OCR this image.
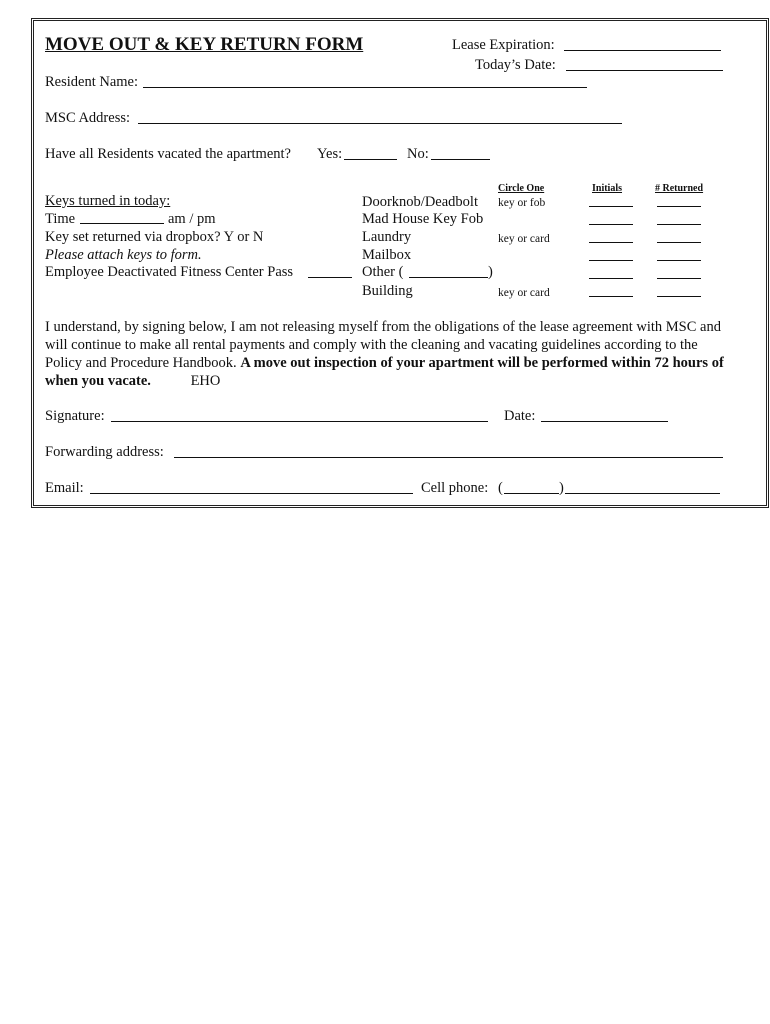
MOVE OUT & KEY RETURN FORM	Lease Expiration:
Today’s Date:
Resident Name:
MSC Address:
Have all Residents vacated the apartment? Yes:	No:
Keys turned in today:
Time	am / pm
Key set returned via dropbox? Y or N
Please attach keys to form.
Employee Deactivated Fitness Center Pass
Circle One	Initials	# Returned
Doorknob/Deadbolt key or fob
Mad House Key Fob
Laundry	key or card
Mailbox
Other (	)
Building	key or card
I understand, by signing below, I am not releasing myself from the obligations of the lease agreement with MSC and will continue to make all rental payments and comply with the cleaning and vacating guidelines according to the Policy and Procedure Handbook. A move out inspection of your apartment will be performed within 72 hours of when you vacate.	EHO
Signature:	Date:
Forwarding address:
Email:	Cell phone: (	)
